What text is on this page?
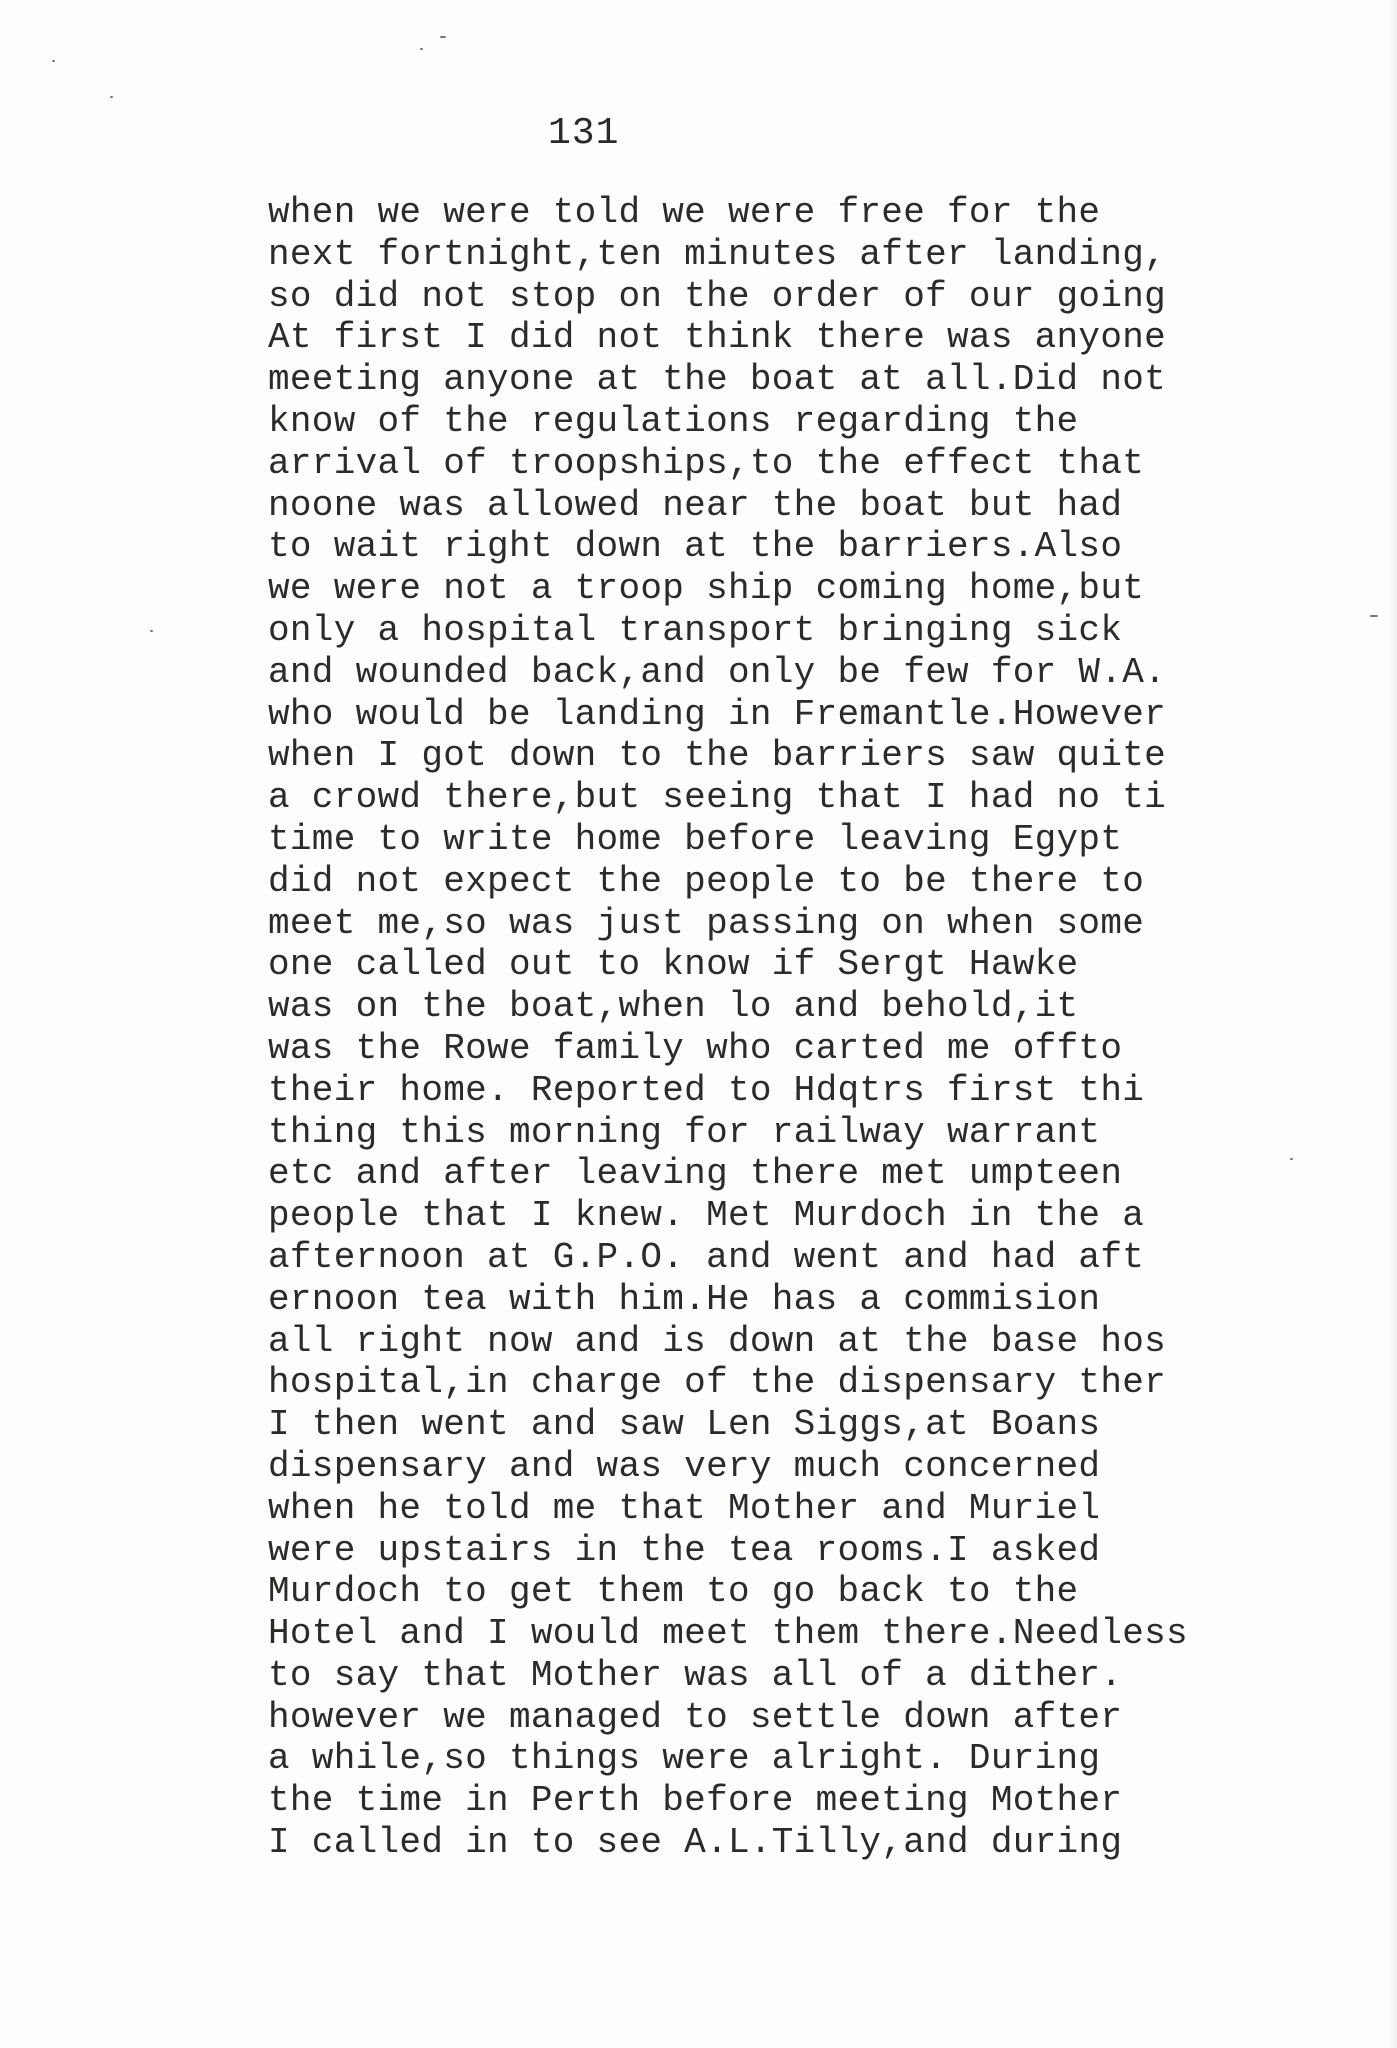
131
when we were told we were free for the
next fortnight,ten minutes after landing,
so did not stop on the order of our going
At first I did not think there was anyone
meeting anyone at the boat at all.Did not
know of the regulations regarding the
arrival of troopships,to the effect that
noone was allowed near the boat but had
to wait right down at the barriers.Also
we were not a troop ship coming home,but
only a hospital transport bringing sick
and wounded back,and only be few for W.A.
who would be landing in Fremantle.However
when I got down to the barriers saw quite
a crowd there,but seeing that I had no ti
time to write home before leaving Egypt
did not expect the people to be there to
meet me,so was just passing on when some
one called out to know if Sergt Hawke
was on the boat,when lo and behold,it
was the Rowe family who carted me offto
their home. Reported to Hdqtrs first thi
thing this morning for railway warrant
etc and after leaving there met umpteen
people that I knew. Met Murdoch in the a
afternoon at G.P.O. and went and had aft
ernoon tea with him.He has a commision
all right now and is down at the base hos
hospital,in charge of the dispensary ther
I then went and saw Len Siggs,at Boans
dispensary and was very much concerned
when he told me that Mother and Muriel
were upstairs in the tea rooms.I asked
Murdoch to get them to go back to the
Hotel and I would meet them there.Needless
to say that Mother was all of a dither.
however we managed to settle down after
a while,so things were alright. During
the time in Perth before meeting Mother
I called in to see A.L.Tilly,and during
